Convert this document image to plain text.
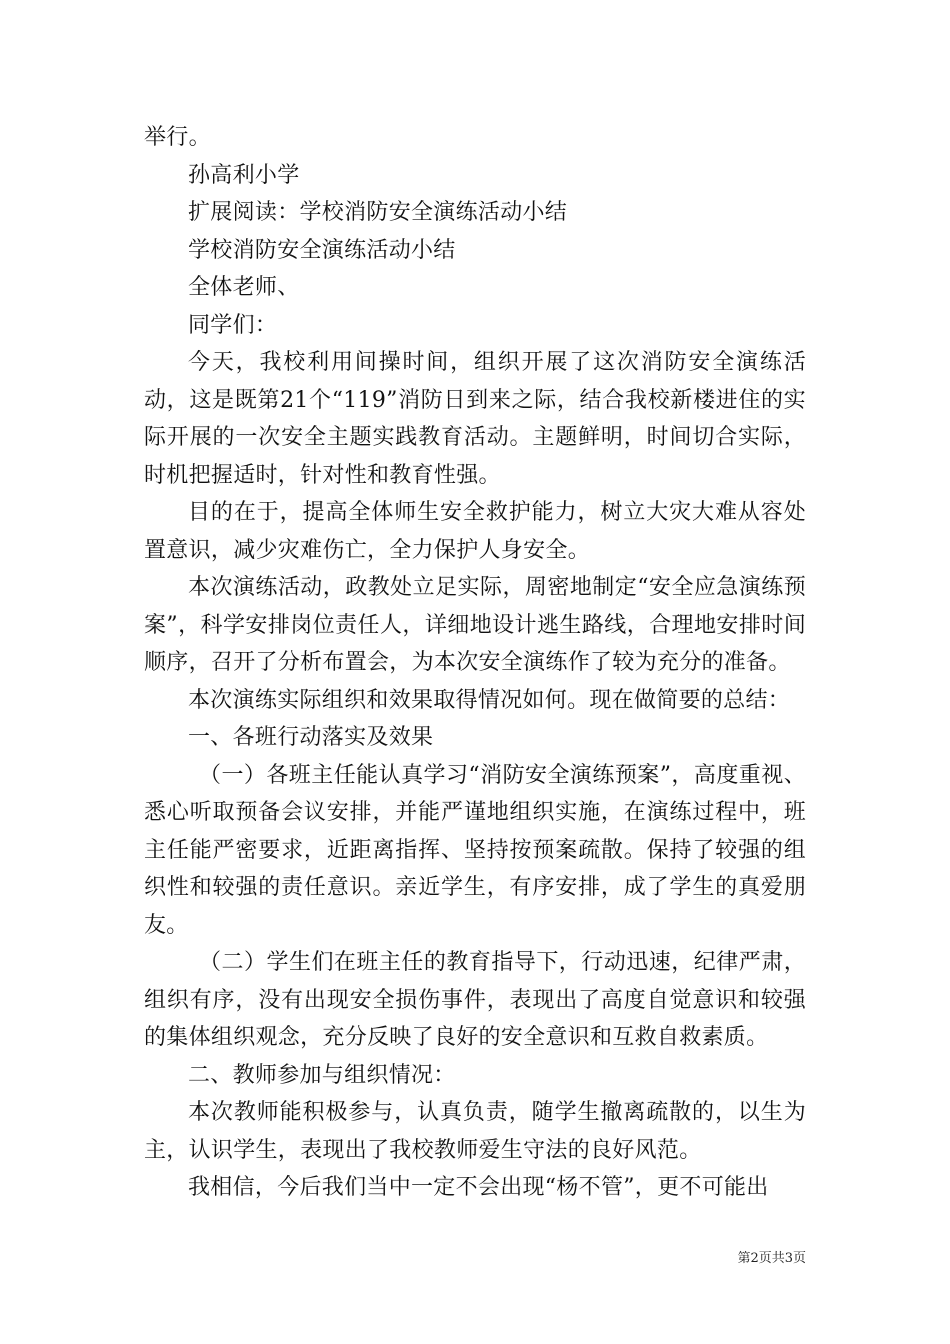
举行。

孙高利小学

扩展阅读：学校消防安全演练活动小结

学校消防安全演练活动小结

全体老师、

同学们：

今天，我校利用间操时间，组织开展了这次消防安全演练活动，这是既第21个“119”消防日到来之际，结合我校新楼进住的实际开展的一次安全主题实践教育活动。主题鲜明，时间切合实际，时机把握适时，针对性和教育性强。

目的在于，提高全体师生安全救护能力，树立大灾大难从容处置意识，减少灾难伤亡，全力保护人身安全。

本次演练活动，政教处立足实际，周密地制定“安全应急演练预案”，科学安排岗位责任人，详细地设计逃生路线，合理地安排时间顺序，召开了分析布置会，为本次安全演练作了较为充分的准备。

本次演练实际组织和效果取得情况如何。现在做简要的总结：

一、各班行动落实及效果

（一）各班主任能认真学习“消防安全演练预案”，高度重视、悉心听取预备会议安排，并能严谨地组织实施，在演练过程中，班主任能严密要求，近距离指挥、坚持按预案疏散。保持了较强的组织性和较强的责任意识。亲近学生，有序安排，成了学生的真爱朋友。

（二）学生们在班主任的教育指导下，行动迅速，纪律严肃，组织有序，没有出现安全损伤事件，表现出了高度自觉意识和较强的集体组织观念，充分反映了良好的安全意识和互救自救素质。

二、教师参加与组织情况：

本次教师能积极参与，认真负责，随学生撤离疏散的，以生为主，认识学生，表现出了我校教师爱生守法的良好风范。

我相信，今后我们当中一定不会出现“杨不管”，更不可能出

第2页共3页
